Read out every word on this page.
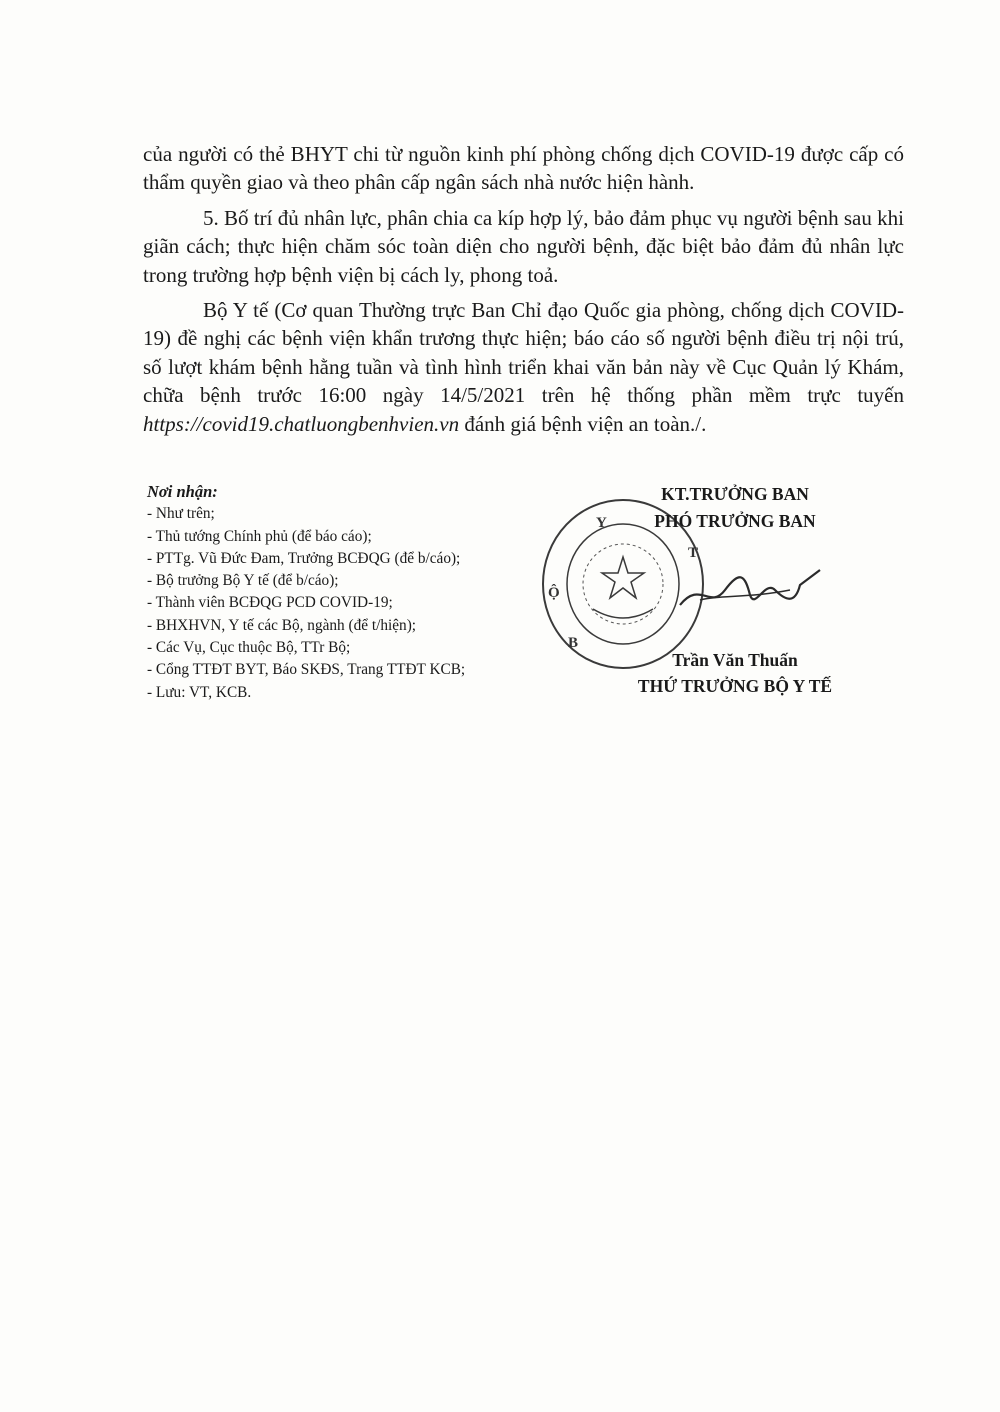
của người có thẻ BHYT chi từ nguồn kinh phí phòng chống dịch COVID-19 được cấp có thẩm quyền giao và theo phân cấp ngân sách nhà nước hiện hành.

5. Bố trí đủ nhân lực, phân chia ca kíp hợp lý, bảo đảm phục vụ người bệnh sau khi giãn cách; thực hiện chăm sóc toàn diện cho người bệnh, đặc biệt bảo đảm đủ nhân lực trong trường hợp bệnh viện bị cách ly, phong toả.

Bộ Y tế (Cơ quan Thường trực Ban Chỉ đạo Quốc gia phòng, chống dịch COVID-19) đề nghị các bệnh viện khẩn trương thực hiện; báo cáo số người bệnh điều trị nội trú, số lượt khám bệnh hằng tuần và tình hình triển khai văn bản này về Cục Quản lý Khám, chữa bệnh trước 16:00 ngày 14/5/2021 trên hệ thống phần mềm trực tuyến https://covid19.chatluongbenhvien.vn đánh giá bệnh viện an toàn./.

Nơi nhận:
- Như trên;
- Thủ tướng Chính phủ (để báo cáo);
- PTTg. Vũ Đức Đam, Trưởng BCĐQG (để b/cáo);
- Bộ trưởng Bộ Y tế (để b/cáo);
- Thành viên BCĐQG PCD COVID-19;
- BHXHVN, Y tế các Bộ, ngành (để t/hiện);
- Các Vụ, Cục thuộc Bộ, TTr Bộ;
- Cổng TTĐT BYT, Báo SKĐS, Trang TTĐT KCB;
- Lưu: VT, KCB.
Y
T
Ộ
B
KT.TRƯỞNG BAN
PHÓ TRƯỞNG BAN
Trần Văn Thuấn
THỨ TRƯỞNG BỘ Y TẾ
